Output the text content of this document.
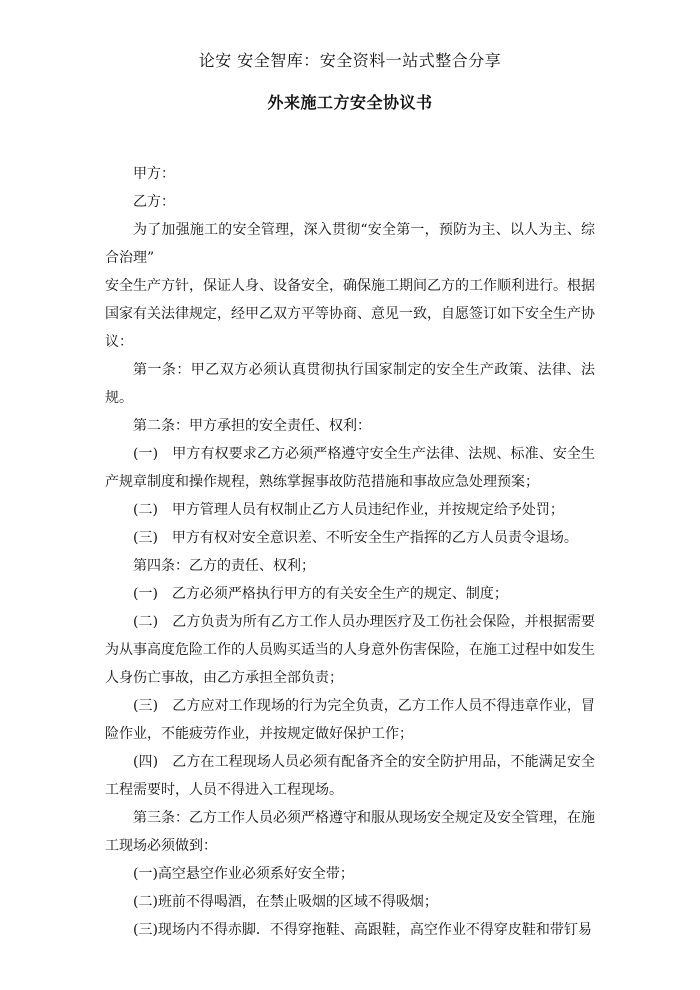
论安 安全智库：安全资料一站式整合分享
外来施工方安全协议书

甲方：

乙方：

为了加强施工的安全管理，深入贯彻“安全第一，预防为主、以人为主、综合治理”

安全生产方针，保证人身、设备安全，确保施工期间乙方的工作顺利进行。根据国家有关法律规定，经甲乙双方平等协商、意见一致，自愿签订如下安全生产协议：

第一条：甲乙双方必须认真贯彻执行国家制定的安全生产政策、法律、法规。

第二条：甲方承担的安全责任、权利：

(一)　甲方有权要求乙方必须严格遵守安全生产法律、法规、标准、安全生产规章制度和操作规程，熟练掌握事故防范措施和事故应急处理预案；

(二)　甲方管理人员有权制止乙方人员违纪作业，并按规定给予处罚；

(三)　甲方有权对安全意识差、不听安全生产指挥的乙方人员责令退场。

第四条：乙方的责任、权利；

(一)　乙方必须严格执行甲方的有关安全生产的规定、制度；

(二)　乙方负责为所有乙方工作人员办理医疗及工伤社会保险，并根据需要为从事高度危险工作的人员购买适当的人身意外伤害保险，在施工过程中如发生人身伤亡事故，由乙方承担全部负责；

(三)　乙方应对工作现场的行为完全负责，乙方工作人员不得违章作业，冒险作业，不能疲劳作业，并按规定做好保护工作；

(四)　乙方在工程现场人员必须有配备齐全的安全防护用品，不能满足安全工程需要时，人员不得进入工程现场。

第三条：乙方工作人员必须严格遵守和服从现场安全规定及安全管理，在施工现场必须做到：

(一)高空悬空作业必须系好安全带；

(二)班前不得喝酒，在禁止吸烟的区域不得吸烟；

(三)现场内不得赤脚．不得穿拖鞋、高跟鞋，高空作业不得穿皮鞋和带钉易
